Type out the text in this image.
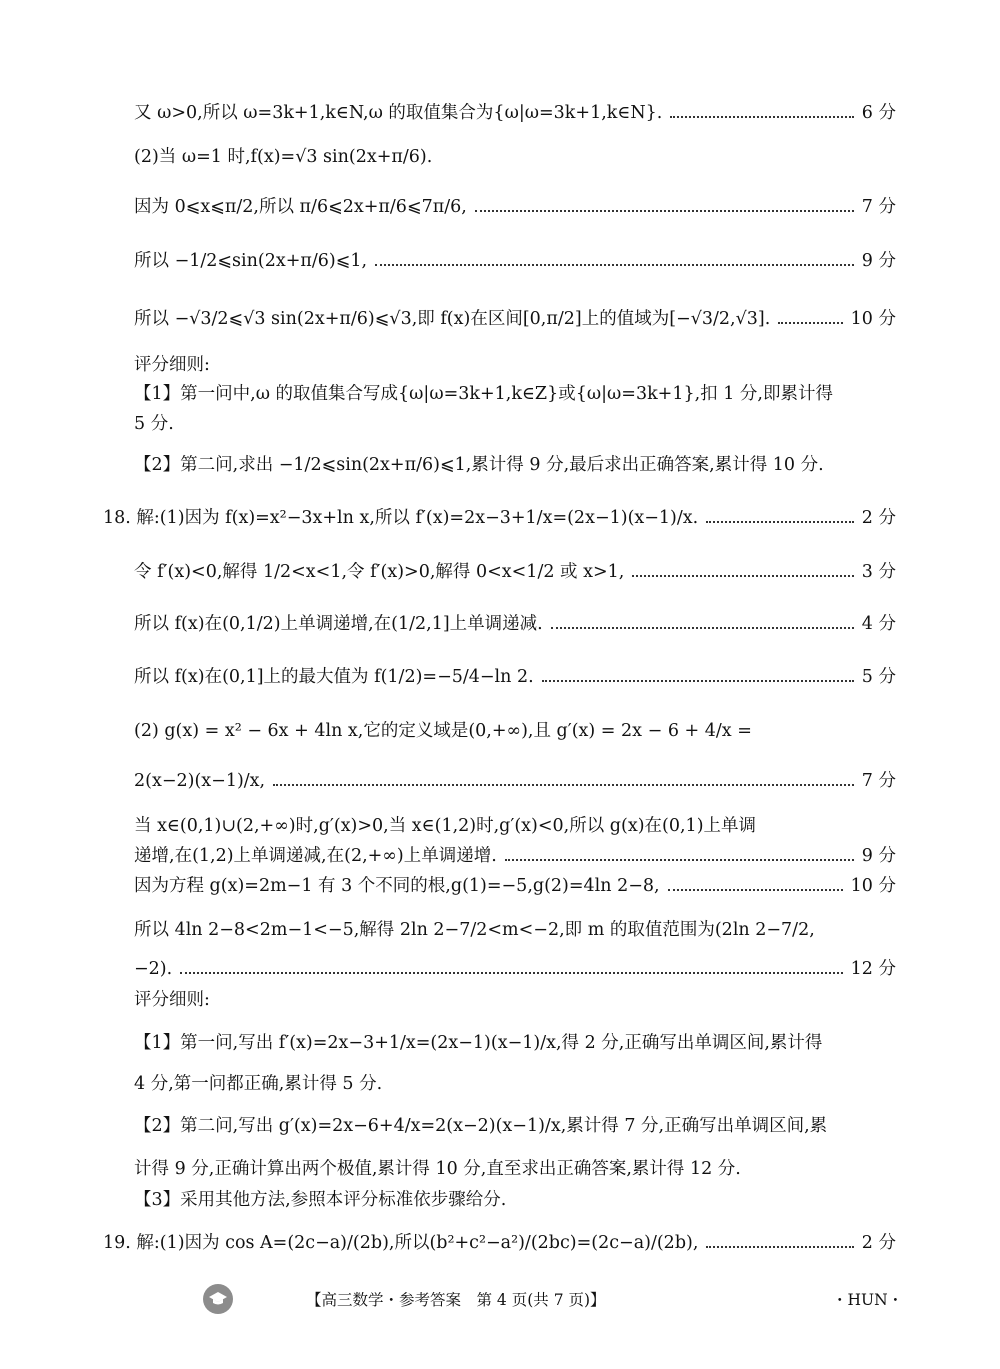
又 ω>0,所以 ω=3k+1,k∈N,ω 的取值集合为{ω|ω=3k+1,k∈N}.	6 分
(2)当 ω=1 时,f(x)=√3 sin(2x+π/6).
因为 0⩽x⩽π/2,所以 π/6⩽2x+π/6⩽7π/6,	7 分
所以 −1/2⩽sin(2x+π/6)⩽1,	9 分
所以 −√3/2⩽√3 sin(2x+π/6)⩽√3,即 f(x)在区间[0,π/2]上的值域为[−√3/2,√3].	10 分
评分细则:
【1】第一问中,ω 的取值集合写成{ω|ω=3k+1,k∈Z}或{ω|ω=3k+1},扣 1 分,即累计得
5 分.
【2】第二问,求出 −1/2⩽sin(2x+π/6)⩽1,累计得 9 分,最后求出正确答案,累计得 10 分.
18. 解:(1)因为 f(x)=x²−3x+ln x,所以 f′(x)=2x−3+1/x=(2x−1)(x−1)/x.	2 分
令 f′(x)<0,解得 1/2<x<1,令 f′(x)>0,解得 0<x<1/2 或 x>1,	3 分
所以 f(x)在(0,1/2)上单调递增,在(1/2,1]上单调递减.	4 分
所以 f(x)在(0,1]上的最大值为 f(1/2)=−5/4−ln 2.	5 分
(2) g(x) = x² − 6x + 4ln x,它的定义域是(0,+∞),且 g′(x) = 2x − 6 + 4/x =
2(x−2)(x−1)/x,	7 分
当 x∈(0,1)∪(2,+∞)时,g′(x)>0,当 x∈(1,2)时,g′(x)<0,所以 g(x)在(0,1)上单调
递增,在(1,2)上单调递减,在(2,+∞)上单调递增.	9 分
因为方程 g(x)=2m−1 有 3 个不同的根,g(1)=−5,g(2)=4ln 2−8,	10 分
所以 4ln 2−8<2m−1<−5,解得 2ln 2−7/2<m<−2,即 m 的取值范围为(2ln 2−7/2,
−2).	12 分
评分细则:
【1】第一问,写出 f′(x)=2x−3+1/x=(2x−1)(x−1)/x,得 2 分,正确写出单调区间,累计得
4 分,第一问都正确,累计得 5 分.
【2】第二问,写出 g′(x)=2x−6+4/x=2(x−2)(x−1)/x,累计得 7 分,正确写出单调区间,累
计得 9 分,正确计算出两个极值,累计得 10 分,直至求出正确答案,累计得 12 分.
【3】采用其他方法,参照本评分标准依步骤给分.
19. 解:(1)因为 cos A=(2c−a)/(2b),所以(b²+c²−a²)/(2bc)=(2c−a)/(2b),	2 分
【高三数学・参考答案　第 4 页(共 7 页)】	・HUN・
